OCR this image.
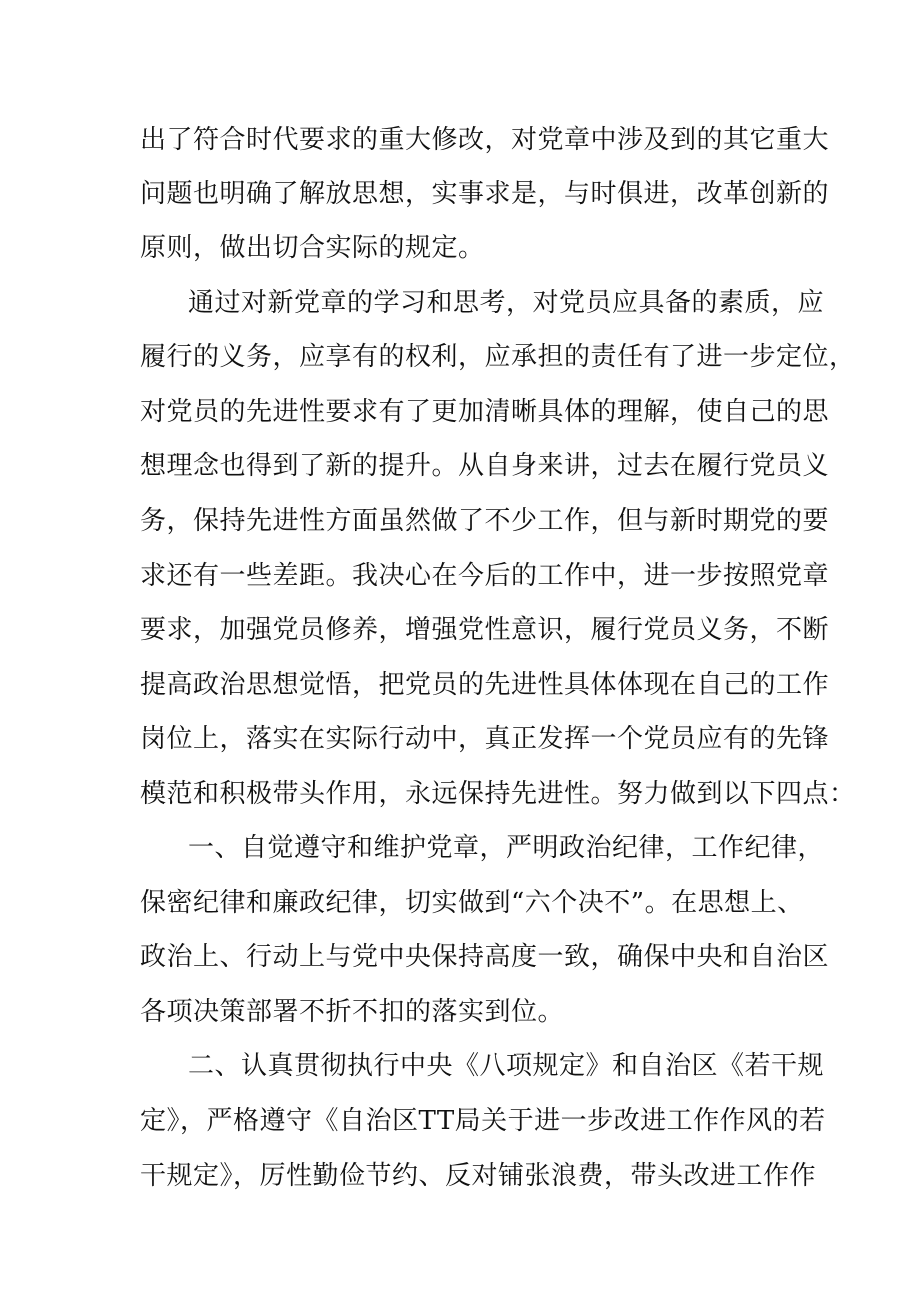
出了符合时代要求的重大修改，对党章中涉及到的其它重大
问题也明确了解放思想，实事求是，与时俱进，改革创新的
原则，做出切合实际的规定。
通过对新党章的学习和思考，对党员应具备的素质，应
履行的义务，应享有的权利，应承担的责任有了进一步定位，
对党员的先进性要求有了更加清晰具体的理解，使自己的思
想理念也得到了新的提升。从自身来讲，过去在履行党员义
务，保持先进性方面虽然做了不少工作，但与新时期党的要
求还有一些差距。我决心在今后的工作中，进一步按照党章
要求，加强党员修养，增强党性意识，履行党员义务，不断
提高政治思想觉悟，把党员的先进性具体体现在自己的工作
岗位上，落实在实际行动中，真正发挥一个党员应有的先锋
模范和积极带头作用，永远保持先进性。努力做到以下四点：
一、自觉遵守和维护党章，严明政治纪律，工作纪律，
保密纪律和廉政纪律，切实做到“六个决不”。在思想上、
政治上、行动上与党中央保持高度一致，确保中央和自治区
各项决策部署不折不扣的落实到位。
二、认真贯彻执行中央《八项规定》和自治区《若干规
定》，严格遵守《自治区TT局关于进一步改进工作作风的若
干规定》，厉性勤俭节约、反对铺张浪费，带头改进工作作
